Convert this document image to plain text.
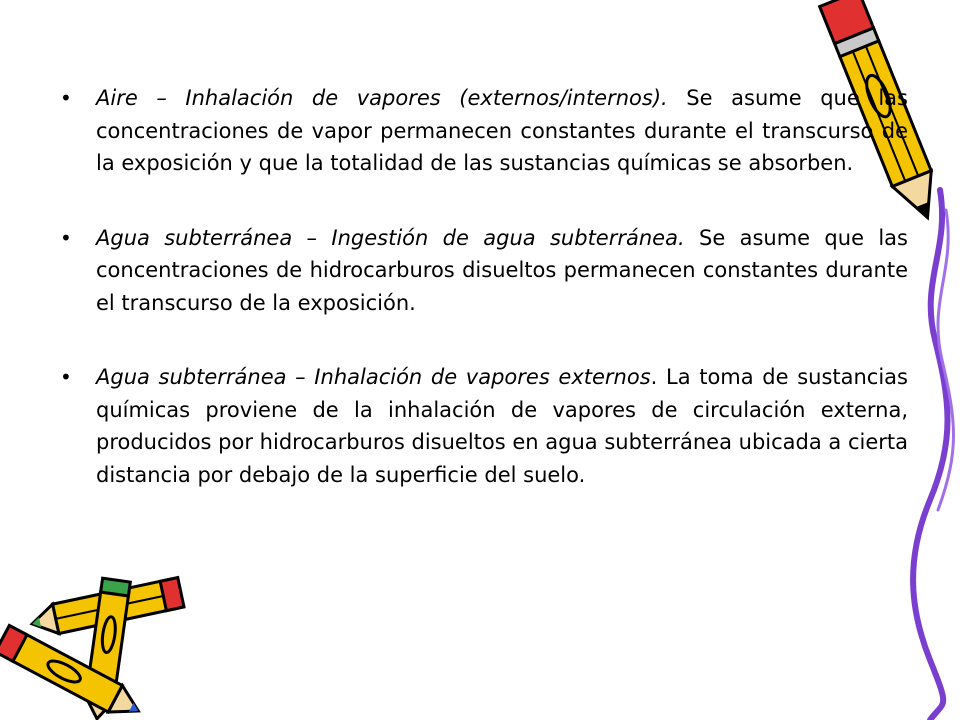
• Aire – Inhalación de vapores (externos/internos). Se asume que las concentraciones de vapor permanecen constantes durante el transcurso de la exposición y que la totalidad de las sustancias químicas se absorben.

• Agua subterránea – Ingestión de agua subterránea. Se asume que las concentraciones de hidrocarburos disueltos permanecen constantes durante el transcurso de la exposición.

• Agua subterránea – Inhalación de vapores externos. La toma de sustancias químicas proviene de la inhalación de vapores de circulación externa, producidos por hidrocarburos disueltos en agua subterránea ubicada a cierta distancia por debajo de la superficie del suelo.
